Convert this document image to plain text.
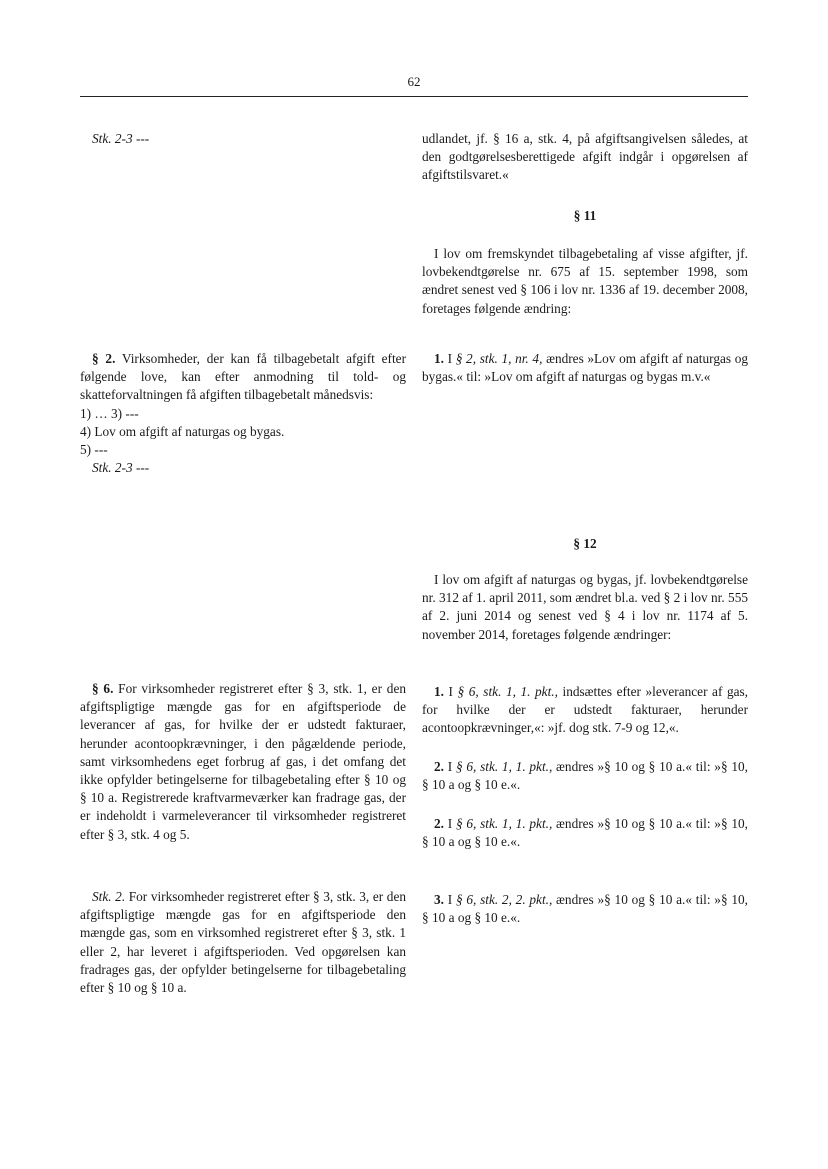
62
Stk. 2-3 ---
§ 2. Virksomheder, der kan få tilbagebetalt afgift efter følgende love, kan efter anmodning til told- og skatteforvaltningen få afgiften tilbagebetalt månedsvis:
1) … 3) ---
4) Lov om afgift af naturgas og bygas.
5) ---
Stk. 2-3 ---
§ 6. For virksomheder registreret efter § 3, stk. 1, er den afgiftspligtige mængde gas for en afgiftsperiode de leverancer af gas, for hvilke der er udstedt fakturaer, herunder acontoopkrævninger, i den pågældende periode, samt virksomhedens eget forbrug af gas, i det omfang det ikke opfylder betingelserne for tilbagebetaling efter § 10 og § 10 a. Registrerede kraftvarmeværker kan fradrage gas, der er indeholdt i varmeleverancer til virksomheder registreret efter § 3, stk. 4 og 5.
Stk. 2. For virksomheder registreret efter § 3, stk. 3, er den afgiftspligtige mængde gas for en afgiftsperiode den mængde gas, som en virksomhed registreret efter § 3, stk. 1 eller 2, har leveret i afgiftsperioden. Ved opgørelsen kan fradrages gas, der opfylder betingelserne for tilbagebetaling efter § 10 og § 10 a.
udlandet, jf. § 16 a, stk. 4, på afgiftsangivelsen således, at den godtgørelsesberettigede afgift indgår i opgørelsen af afgiftstilsvaret.«
§ 11
I lov om fremskyndet tilbagebetaling af visse afgifter, jf. lovbekendtgørelse nr. 675 af 15. september 1998, som ændret senest ved § 106 i lov nr. 1336 af 19. december 2008, foretages følgende ændring:
1. I § 2, stk. 1, nr. 4, ændres »Lov om afgift af naturgas og bygas.« til: »Lov om afgift af naturgas og bygas m.v.«
§ 12
I lov om afgift af naturgas og bygas, jf. lovbekendtgørelse nr. 312 af 1. april 2011, som ændret bl.a. ved § 2 i lov nr. 555 af 2. juni 2014 og senest ved § 4 i lov nr. 1174 af 5. november 2014, foretages følgende ændringer:
1. I § 6, stk. 1, 1. pkt., indsættes efter »leverancer af gas, for hvilke der er udstedt fakturaer, herunder acontoopkrævninger,«: »jf. dog stk. 7-9 og 12,«.
2. I § 6, stk. 1, 1. pkt., ændres »§ 10 og § 10 a.« til: »§ 10, § 10 a og § 10 e.«.
2. I § 6, stk. 1, 1. pkt., ændres »§ 10 og § 10 a.« til: »§ 10, § 10 a og § 10 e.«.
3. I § 6, stk. 2, 2. pkt., ændres »§ 10 og § 10 a.« til: »§ 10, § 10 a og § 10 e.«.
